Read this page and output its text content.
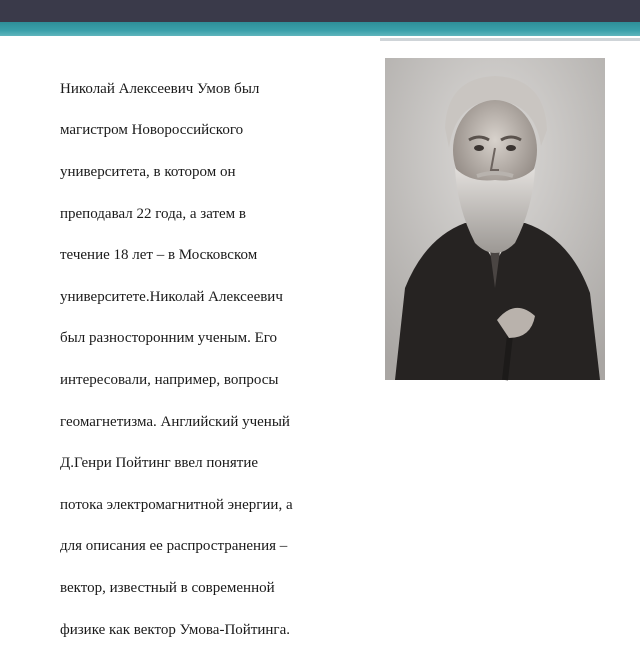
Николай Алексеевич Умов был

магистром Новороссийского

университета, в котором он

преподавал 22 года, а затем в

течение 18 лет – в Московском

университете.Николай Алексеевич

был разносторонним ученым. Его

интересовали, например, вопросы

геомагнетизма. Английский ученый

Д.Генри Пойтинг ввел понятие

потока электромагнитной энергии, а

для описания ее распространения –

вектор, известный в современной

физике как вектор Умова-Пойтинга.
